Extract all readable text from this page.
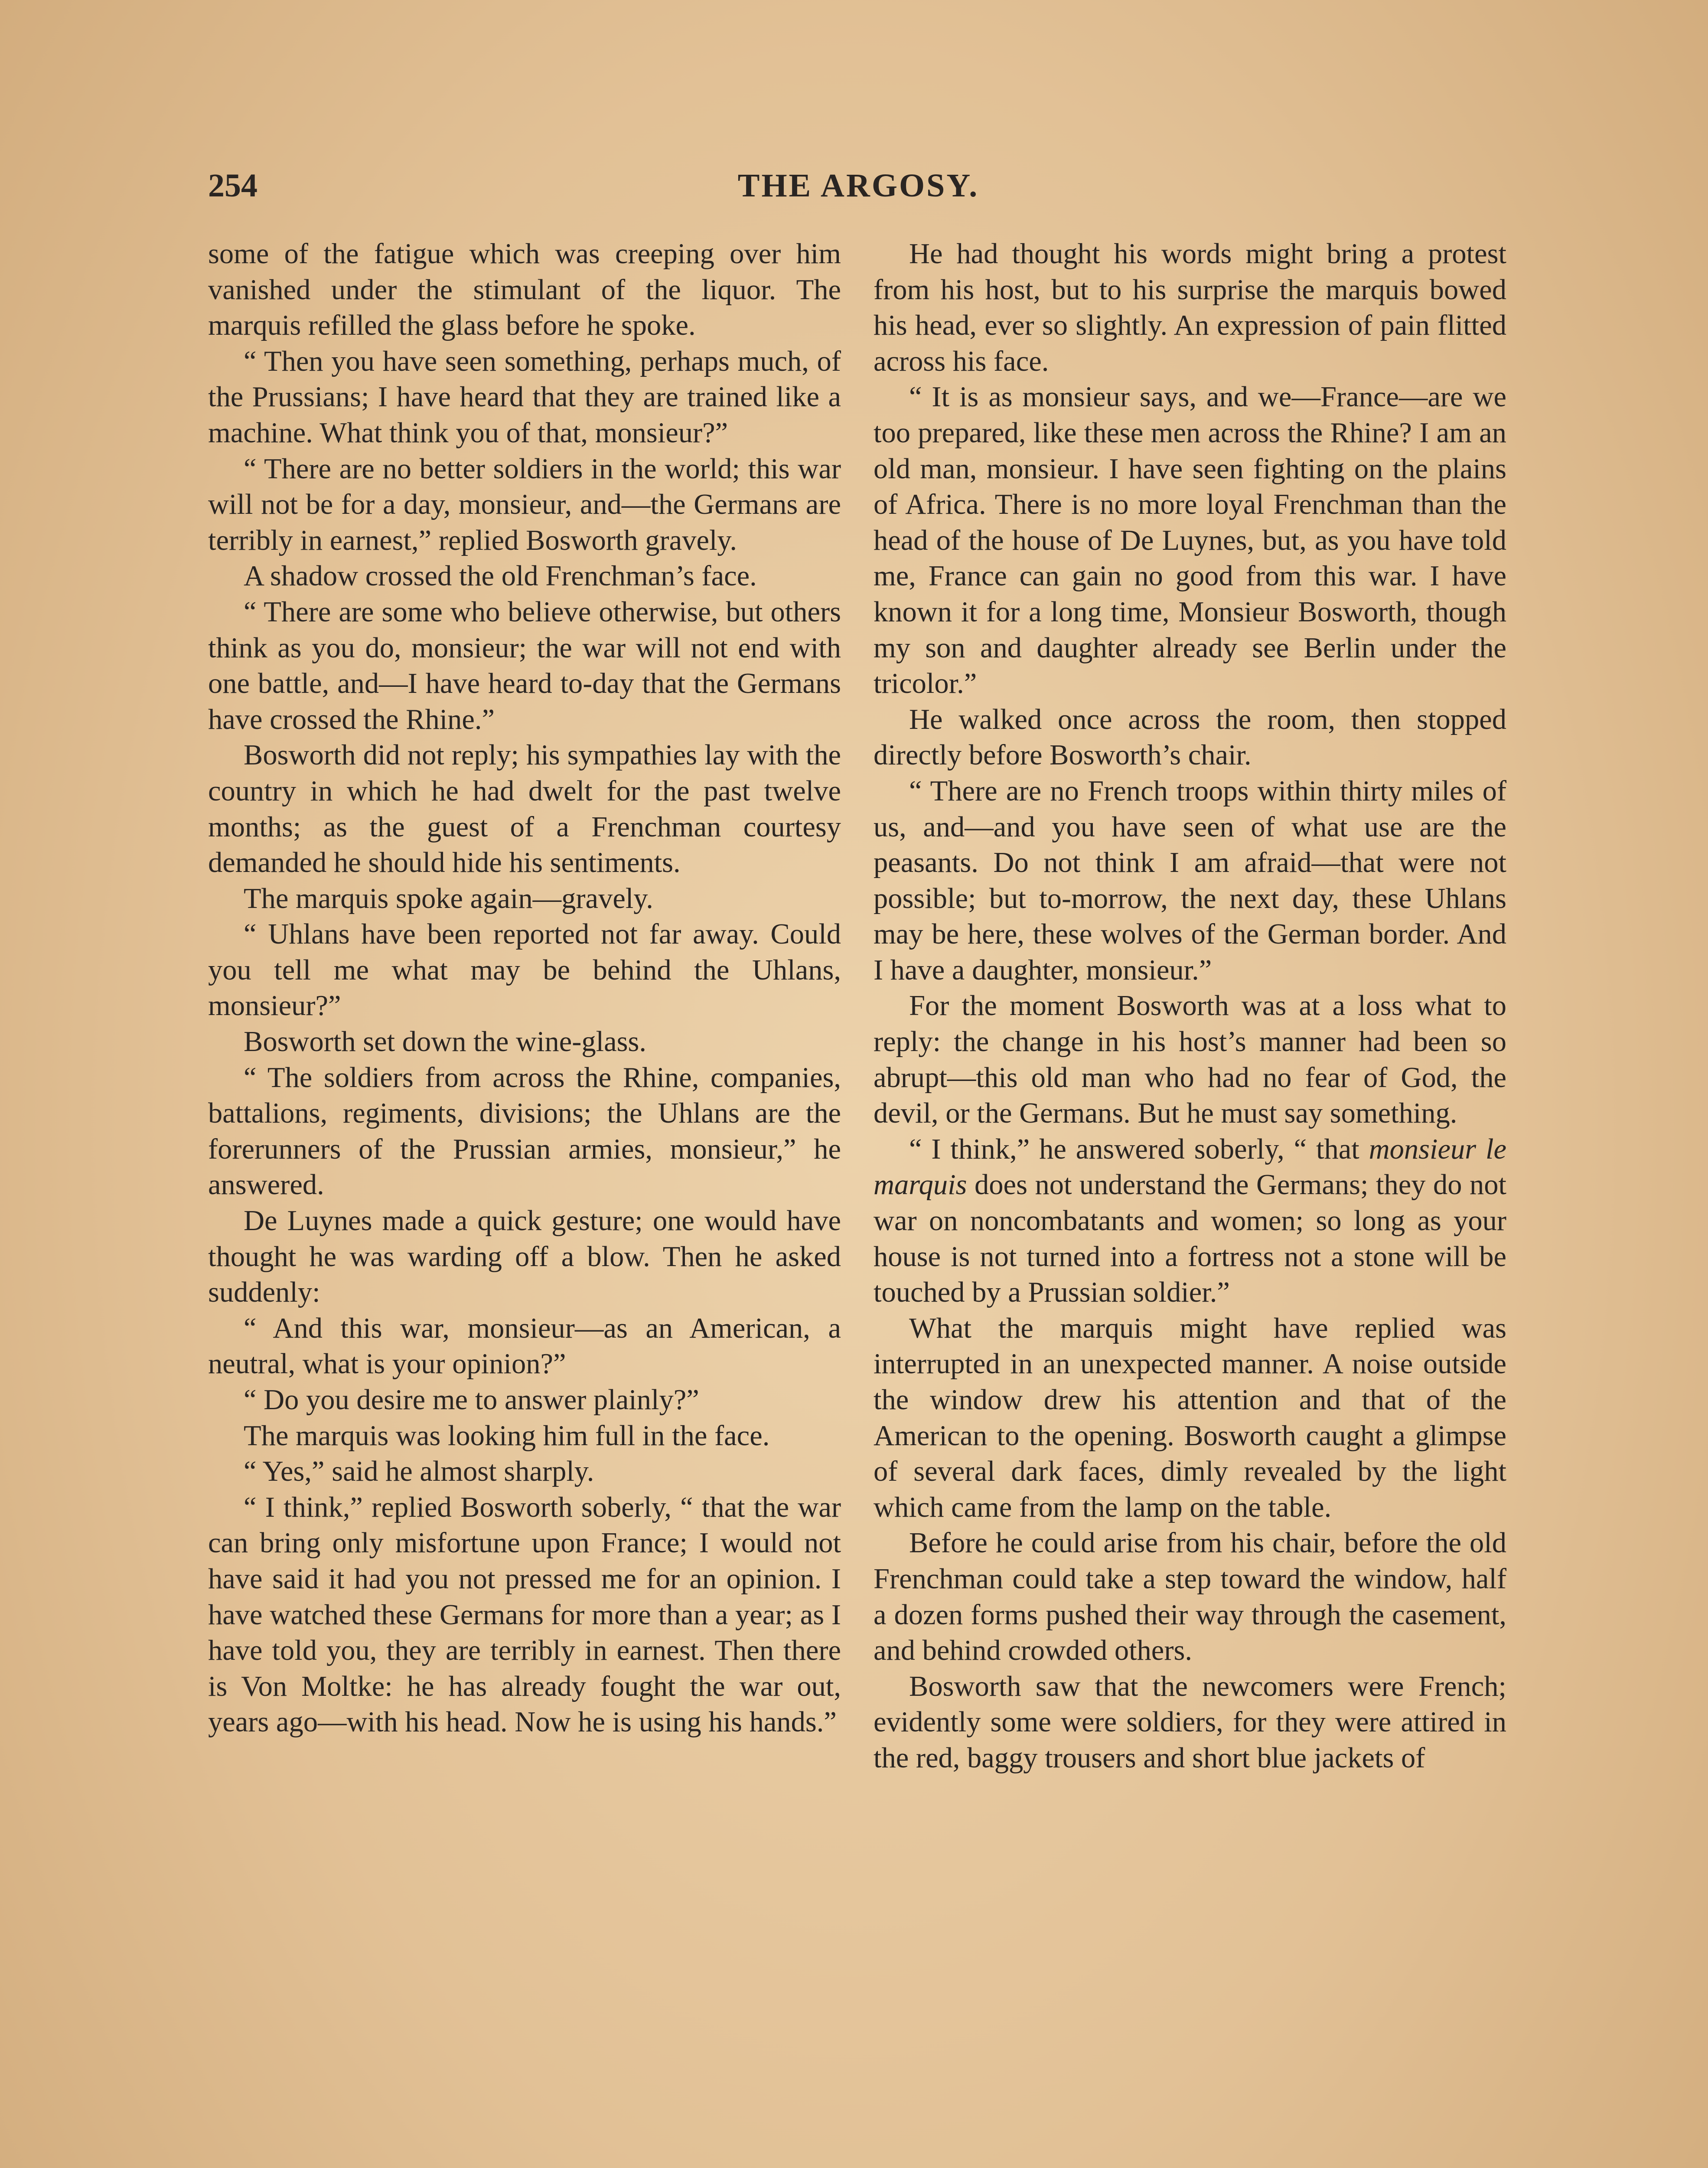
254	THE ARGOSY.

some of the fatigue which was creeping over him vanished under the stimulant of the liquor. The marquis refilled the glass before he spoke.

“ Then you have seen something, perhaps much, of the Prussians; I have heard that they are trained like a machine. What think you of that, monsieur?”

“ There are no better soldiers in the world; this war will not be for a day, monsieur, and—the Germans are terribly in earnest,” replied Bosworth gravely.

A shadow crossed the old Frenchman’s face.

“ There are some who believe otherwise, but others think as you do, monsieur; the war will not end with one battle, and—I have heard to-day that the Germans have crossed the Rhine.”

Bosworth did not reply; his sympathies lay with the country in which he had dwelt for the past twelve months; as the guest of a Frenchman courtesy demanded he should hide his sentiments.

The marquis spoke again—gravely.

“ Uhlans have been reported not far away. Could you tell me what may be behind the Uhlans, monsieur?”

Bosworth set down the wine-glass.

“ The soldiers from across the Rhine, companies, battalions, regiments, divisions; the Uhlans are the forerunners of the Prussian armies, monsieur,” he answered.

De Luynes made a quick gesture; one would have thought he was warding off a blow. Then he asked suddenly:

“ And this war, monsieur—as an American, a neutral, what is your opinion?”

“ Do you desire me to answer plainly?”

The marquis was looking him full in the face.

“ Yes,” said he almost sharply.

“ I think,” replied Bosworth soberly, “ that the war can bring only misfortune upon France; I would not have said it had you not pressed me for an opinion. I have watched these Germans for more than a year; as I have told you, they are terribly in earnest. Then there is Von Moltke: he has already fought the war out, years ago—with his head. Now he is using his hands.”

He had thought his words might bring a protest from his host, but to his surprise the marquis bowed his head, ever so slightly. An expression of pain flitted across his face.

“ It is as monsieur says, and we—France—are we too prepared, like these men across the Rhine? I am an old man, monsieur. I have seen fighting on the plains of Africa. There is no more loyal Frenchman than the head of the house of De Luynes, but, as you have told me, France can gain no good from this war. I have known it for a long time, Monsieur Bosworth, though my son and daughter already see Berlin under the tricolor.”

He walked once across the room, then stopped directly before Bosworth’s chair.

“ There are no French troops within thirty miles of us, and—and you have seen of what use are the peasants. Do not think I am afraid—that were not possible; but to-morrow, the next day, these Uhlans may be here, these wolves of the German border. And I have a daughter, monsieur.”

For the moment Bosworth was at a loss what to reply: the change in his host’s manner had been so abrupt—this old man who had no fear of God, the devil, or the Germans. But he must say something.

“ I think,” he answered soberly, “ that monsieur le marquis does not understand the Germans; they do not war on noncombatants and women; so long as your house is not turned into a fortress not a stone will be touched by a Prussian soldier.”

What the marquis might have replied was interrupted in an unexpected manner. A noise outside the window drew his attention and that of the American to the opening. Bosworth caught a glimpse of several dark faces, dimly revealed by the light which came from the lamp on the table.

Before he could arise from his chair, before the old Frenchman could take a step toward the window, half a dozen forms pushed their way through the casement, and behind crowded others.

Bosworth saw that the newcomers were French; evidently some were soldiers, for they were attired in the red, baggy trousers and short blue jackets of
